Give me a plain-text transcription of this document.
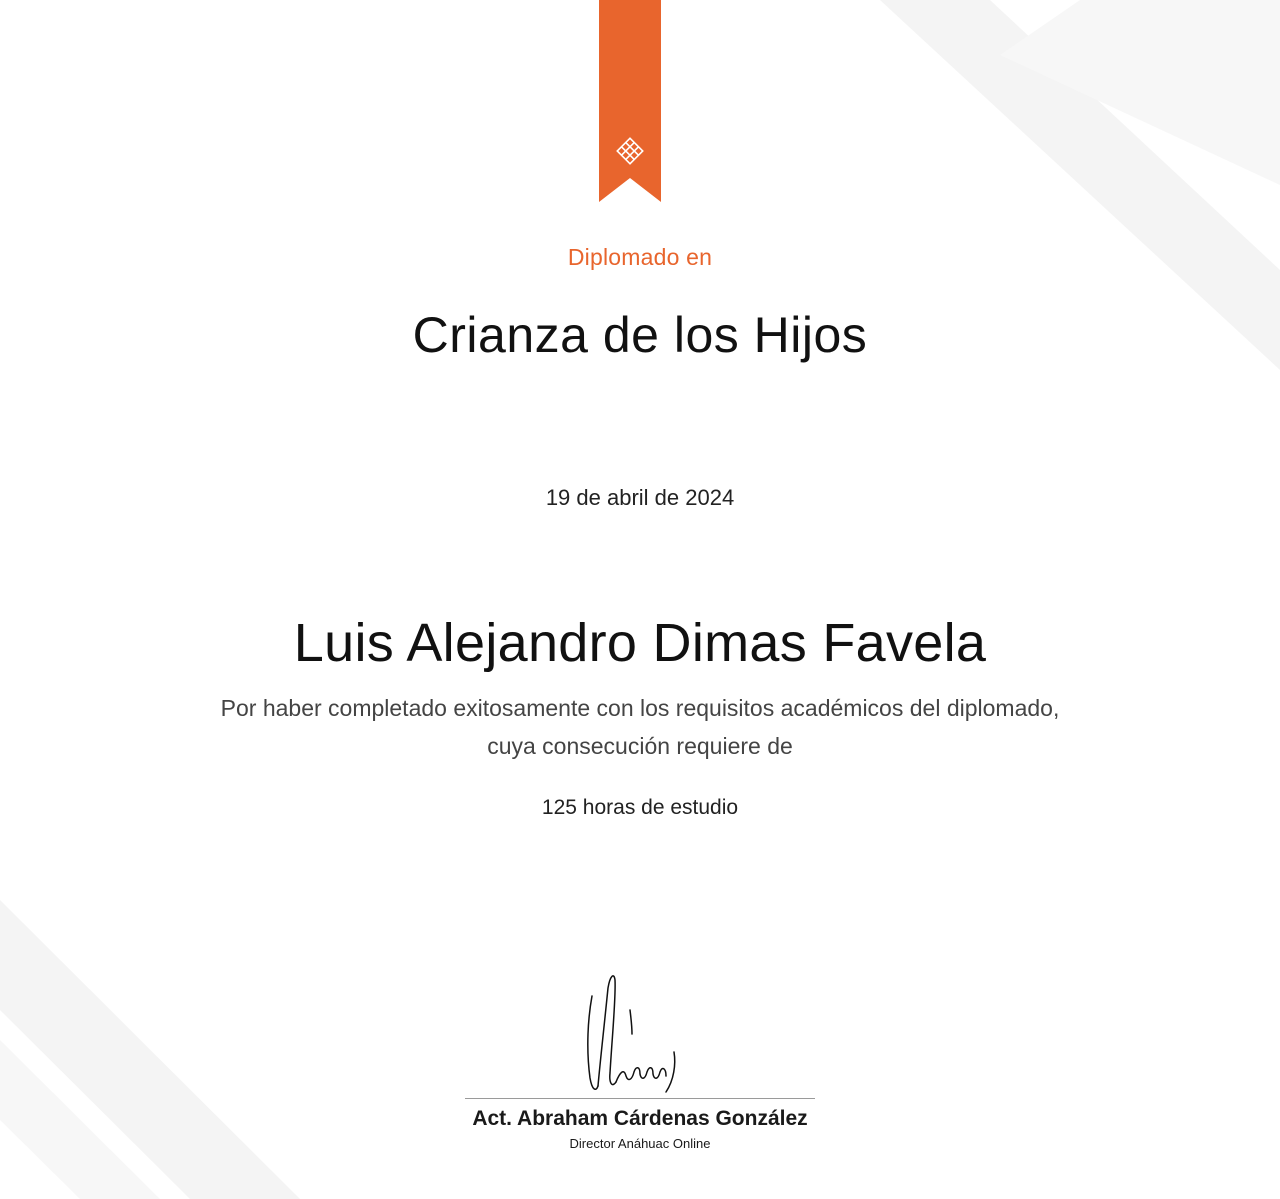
Diplomado en
Crianza de los Hijos
19 de abril de 2024
Luis Alejandro Dimas Favela
Por haber completado exitosamente con los requisitos académicos del diplomado,
cuya consecución requiere de
125 horas de estudio
Act. Abraham Cárdenas González
Director Anáhuac Online
